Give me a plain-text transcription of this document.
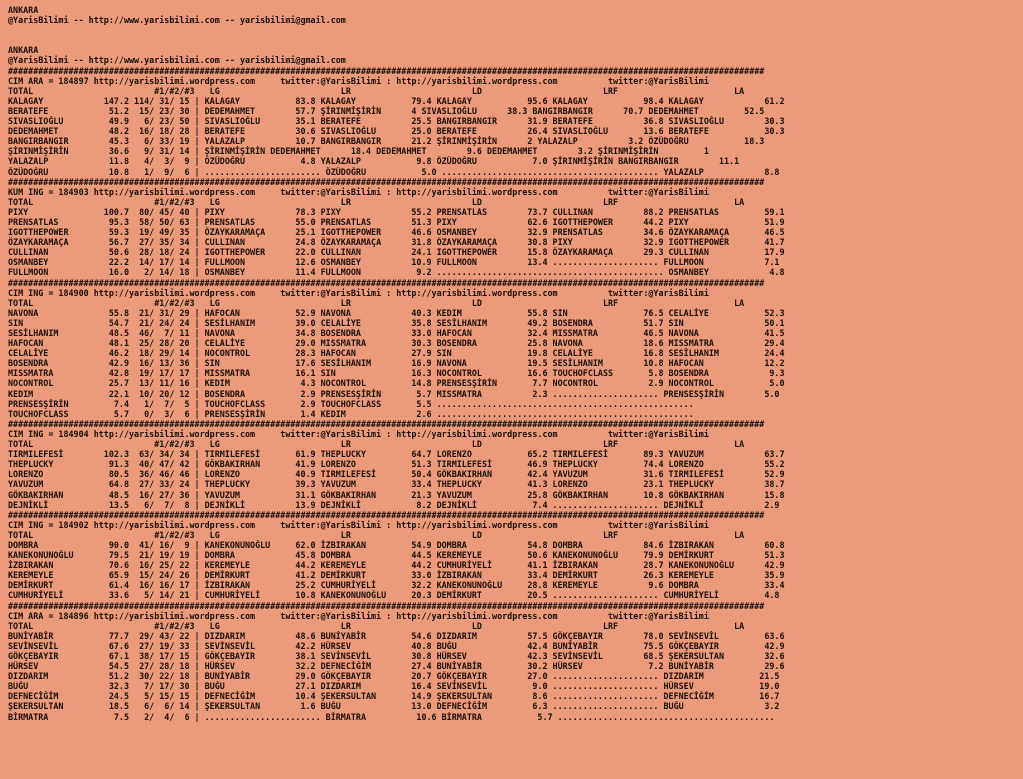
ANKARA
@YarisBilimi -- http://www.yarisbilimi.com -- yarisbilimi@gmail.com
ANKARA
@YarisBilimi -- http://www.yarisbilimi.com -- yarisbilimi@gmail.com
######################################################################################################################################################
CIM ARA = 184897 http://yarisbilimi.wordpress.com     twitter:@YarisBilimi : http://yarisbilimi.wordpress.com          twitter:@YarisBilimi
TOTAL                        #1/#2/#3   LG                        LR                        LD                        LRF                       LA
KALAGAY            147.2 114/ 31/ 15 | KALAGAY           83.8 KALAGAY           79.4 KALAGAY           95.6 KALAGAY           98.4 KALAGAY            61.2
BERATEFE            51.2  15/ 23/ 30 | DEDEMAHMET        57.7 ŞİRINMİŞİRİN      4 SIVASLIOĞLU      38.3 BANGIRBANGIR      70.7 DEDEMAHMET         52.5
SIVASLIOĞLU         49.9   6/ 23/ 50 | SIVASLIOĞLU       35.1 BERATEFE          25.5 BANGIRBANGIR      31.9 BERATEFE          36.8 SIVASLIOĞLU        30.3
DEDEMAHMET          48.2  16/ 18/ 28 | BERATEFE          30.6 SIVASLIOĞLU       25.0 BERATEFE          26.4 SIVASLIOĞLU       13.6 BERATEFE           30.3
BANGIRBANGIR        45.3   6/ 33/ 19 | YALAZALP          10.7 BANGIRBANGIR      21.2 ŞİRINMİŞİRİN      2 YALAZALP          3.2 ÖZÜDOĞRU           18.3
ŞİRINMİŞİRİN        36.6   9/ 31/ 14 | ŞİRINMİŞİRİN DEDEMAHMET      18.4 DEDEMAHMET        9.6 DEDEMAHMET        3.2 ŞİRINMİŞİRİN         1
YALAZALP            11.8   4/  3/  9 | ÖZÜDOĞRU           4.8 YALAZALP           9.8 ÖZÜDOĞRU           7.0 ŞİRINMİŞİRİN BANGIRBANGIR        11.1
ÖZÜDOĞRU            10.8   1/  9/  6 | ....................... ÖZÜDOĞRU           5.0 ........................................... YALAZALP            8.8
######################################################################################################################################################
KUM ING = 184903 http://yarisbilimi.wordpress.com     twitter:@YarisBilimi : http://yarisbilimi.wordpress.com          twitter:@YarisBilimi
TOTAL                        #1/#2/#3   LG                        LR                        LD                        LRF                       LA
PIXY               100.7  80/ 45/ 40 | PIXY              78.3 PIXY              55.2 PRENSATLAS        73.7 CULLINAN          88.2 PRENSATLAS         59.1
PRENSATLAS          95.3  58/ 50/ 63 | PRENSATLAS        55.0 PRENSATLAS        51.3 PIXY              62.6 IGOTTHEPOWER      44.2 PIXY               51.9
IGOTTHEPOWER        59.3  19/ 49/ 35 | ÖZAYKARAMAÇA      25.1 IGOTTHEPOWER      46.6 OSMANBEY          32.9 PRENSATLAS        34.6 ÖZAYKARAMAÇA       46.5
ÖZAYKARAMAÇA        56.7  27/ 35/ 34 | CULLINAN          24.8 ÖZAYKARAMAÇA      31.8 ÖZAYKARAMAÇA      30.8 PIXY              32.9 IGOTTHEPOWER       41.7
CULLINAN            50.6  28/ 18/ 24 | IGOTTHEPOWER      22.0 CULLINAN          24.1 IGOTTHEPOWER      15.8 ÖZAYKARAMAÇA      29.3 CULLINAN           17.9
OSMANBEY            22.2  14/ 17/ 14 | FULLMOON          12.6 OSMANBEY          10.9 FULLMOON          13.4 ..................... FULLMOON            7.1
FULLMOON            16.0   2/ 14/ 18 | OSMANBEY          11.4 FULLMOON           9.2 ............................................. OSMANBEY            4.8
######################################################################################################################################################
CIM ING = 184900 http://yarisbilimi.wordpress.com     twitter:@YarisBilimi : http://yarisbilimi.wordpress.com          twitter:@YarisBilimi
TOTAL                        #1/#2/#3   LG                        LR                        LD                        LRF                       LA
NAVONA              55.8  21/ 31/ 29 | HAFOCAN           52.9 NAVONA            40.3 KEDIM             55.8 SIN               76.5 CELALİYE           52.3
SIN                 54.7  21/ 24/ 24 | SESİLHANIM        39.0 CELALİYE          35.8 SESİLHANIM        49.2 BOSENDRA          51.7 SIN                50.1
SESİLHANIM          48.5  46/  7/ 11 | NAVONA            34.8 BOSENDRA          33.0 HAFOCAN           32.4 MISSMATRA         46.5 NAVONA             41.5
HAFOCAN             48.1  25/ 28/ 20 | CELALİYE          29.0 MISSMATRA         30.3 BOSENDRA          25.8 NAVONA            18.6 MISSMATRA          29.4
CELALİYE            46.2  18/ 29/ 14 | NOCONTROL         28.3 HAFOCAN           27.9 SIN               19.8 CELALİYE          16.8 SESİLHANIM         24.4
BOSENDRA            42.9  16/ 13/ 36 | SIN               17.6 SESİLHANIM        16.9 NAVONA            19.5 SESİLHANIM        10.8 HAFOCAN            12.2
MISSMATRA           42.8  19/ 17/ 17 | MISSMATRA         16.1 SIN               16.3 NOCONTROL         16.6 TOUCHOFCLASS       5.8 BOSENDRA            9.3
NOCONTROL           25.7  13/ 11/ 16 | KEDIM              4.3 NOCONTROL         14.8 PRENSESŞİRİN       7.7 NOCONTROL          2.9 NOCONTROL           5.0
KEDIM               22.1  10/ 20/ 12 | BOSENDRA           2.9 PRENSESŞİRİN       5.7 MISSMATRA          2.3 ..................... PRENSESŞİRİN        5.0
PRENSESŞİRİN         7.4   1/  7/  5 | TOUCHOFCLASS       2.9 TOUCHOFCLASS       5.5 ...................................................
TOUCHOFCLASS         5.7   0/  3/  6 | PRENSESŞİRİN       1.4 KEDIM              2.6 ...................................................
######################################################################################################################################################
CIM ING = 184904 http://yarisbilimi.wordpress.com     twitter:@YarisBilimi : http://yarisbilimi.wordpress.com          twitter:@YarisBilimi
TOTAL                        #1/#2/#3   LG                        LR                        LD                        LRF                       LA
TIRMILEFESİ        102.3  63/ 34/ 34 | TIRMILEFESİ       61.9 THEPLUCKY         64.7 LORENZO           65.2 TIRMILEFESİ       89.3 YAVUZUM            63.7
THEPLUCKY           91.3  40/ 47/ 42 | GÖKBAKIRHAN       41.9 LORENZO           51.3 TIRMILEFESİ       46.9 THEPLUCKY         74.4 LORENZO            55.2
LORENZO             80.5  36/ 46/ 46 | LORENZO           40.9 TIRMILEFESİ       50.4 GÖKBAKIRHAN       42.4 YAVUZUM           31.6 TIRMILEFESİ        52.9
YAVUZUM             64.8  27/ 33/ 24 | THEPLUCKY         39.3 YAVUZUM           33.4 THEPLUCKY         41.3 LORENZO           23.1 THEPLUCKY          38.7
GÖKBAKIRHAN         48.5  16/ 27/ 36 | YAVUZUM           31.1 GÖKBAKIRHAN       21.3 YAVUZUM           25.8 GÖKBAKIRHAN       10.8 GÖKBAKIRHAN        15.8
DEJNİKLİ            13.5   6/  7/  8 | DEJNİKLİ          13.9 DEJNİKLİ           8.2 DEJNİKLİ           7.4 ..................... DEJNİKLİ            2.9
######################################################################################################################################################
CIM ING = 184902 http://yarisbilimi.wordpress.com     twitter:@YarisBilimi : http://yarisbilimi.wordpress.com          twitter:@YarisBilimi
TOTAL                        #1/#2/#3   LG                        LR                        LD                        LRF                       LA
DOMBRA              90.0  41/ 16/  9 | KANEKONUNOĞLU     62.0 İZBIRAKAN         54.9 DOMBRA            54.8 DOMBRA            84.6 İZBIRAKAN          60.8
KANEKONUNOĞLU       79.5  21/ 19/ 19 | DOMBRA            45.8 DOMBRA            44.5 KEREMEYLE         50.6 KANEKONUNOĞLU     79.9 DEMİRKURT          51.3
İZBIRAKAN           70.6  16/ 25/ 22 | KEREMEYLE         44.2 KEREMEYLE         44.2 CUMHURİYELİ       41.1 İZBIRAKAN         28.7 KANEKONUNOĞLU      42.9
KEREMEYLE           65.9  15/ 24/ 26 | DEMİRKURT         41.2 DEMİRKURT         33.0 İZBIRAKAN         33.4 DEMİRKURT         26.3 KEREMEYLE          35.9
DEMİRKURT           61.4  16/ 16/ 17 | İZBIRAKAN         25.2 CUMHURİYELİ       32.2 KANEKONUNOĞLU     28.8 KEREMEYLE          9.6 DOMBRA             33.4
CUMHURİYELİ         33.6   5/ 14/ 21 | CUMHURİYELİ       10.8 KANEKONUNOĞLU     20.3 DEMİRKURT         20.5 ..................... CUMHURİYELİ         4.8
######################################################################################################################################################
CIM ARA = 184896 http://yarisbilimi.wordpress.com     twitter:@YarisBilimi : http://yarisbilimi.wordpress.com          twitter:@YarisBilimi
TOTAL                        #1/#2/#3   LG                        LR                        LD                        LRF                       LA
BUNİYABİR           77.7  29/ 43/ 22 | DIZDARIM          48.6 BUNİYABİR         54.6 DIZDARIM          57.5 GÖKÇEBAYIR        78.0 SEVİNSEVİL         63.6
SEVİNSEVİL          67.6  27/ 19/ 33 | SEVİNSEVİL        42.2 HÜRSEV            40.8 BUĞU              42.4 BUNİYABİR         75.5 GÖKÇEBAYIR         42.9
GÖKÇEBAYIR          67.1  38/ 17/ 15 | GÖKÇEBAYIR        38.1 SEVİNSEVİL        30.8 HÜRSEV            42.3 SEVİNSEVİL        68.5 ŞEKERSULTAN        32.6
HÜRSEV              54.5  27/ 28/ 18 | HÜRSEV            32.2 DEFNECİĞİM        27.4 BUNİYABİR         30.2 HÜRSEV             7.2 BUNİYABİR          29.6
DIZDARIM            51.2  30/ 22/ 18 | BUNİYABİR         29.0 GÖKÇEBAYIR        20.7 GÖKÇEBAYIR        27.0 ..................... DIZDARIM           21.5
BUĞU                32.3   7/ 17/ 30 | BUĞU              27.1 DIZDARIM          16.4 SEVİNSEVİL         9.0 ..................... HÜRSEV             19.0
DEFNECİĞİM          24.5   5/ 15/ 15 | DEFNECİĞİM        10.4 ŞEKERSULTAN       14.9 ŞEKERSULTAN        8.6 ..................... DEFNECİĞİM         16.7
ŞEKERSULTAN         18.5   6/  6/ 14 | ŞEKERSULTAN        1.6 BUĞU              13.0 DEFNECİĞİM         6.3 ..................... BUĞU                3.2
BİRMATRA             7.5   2/  4/  6 | ....................... BİRMATRA          10.6 BİRMATRA           5.7 ...........................................
